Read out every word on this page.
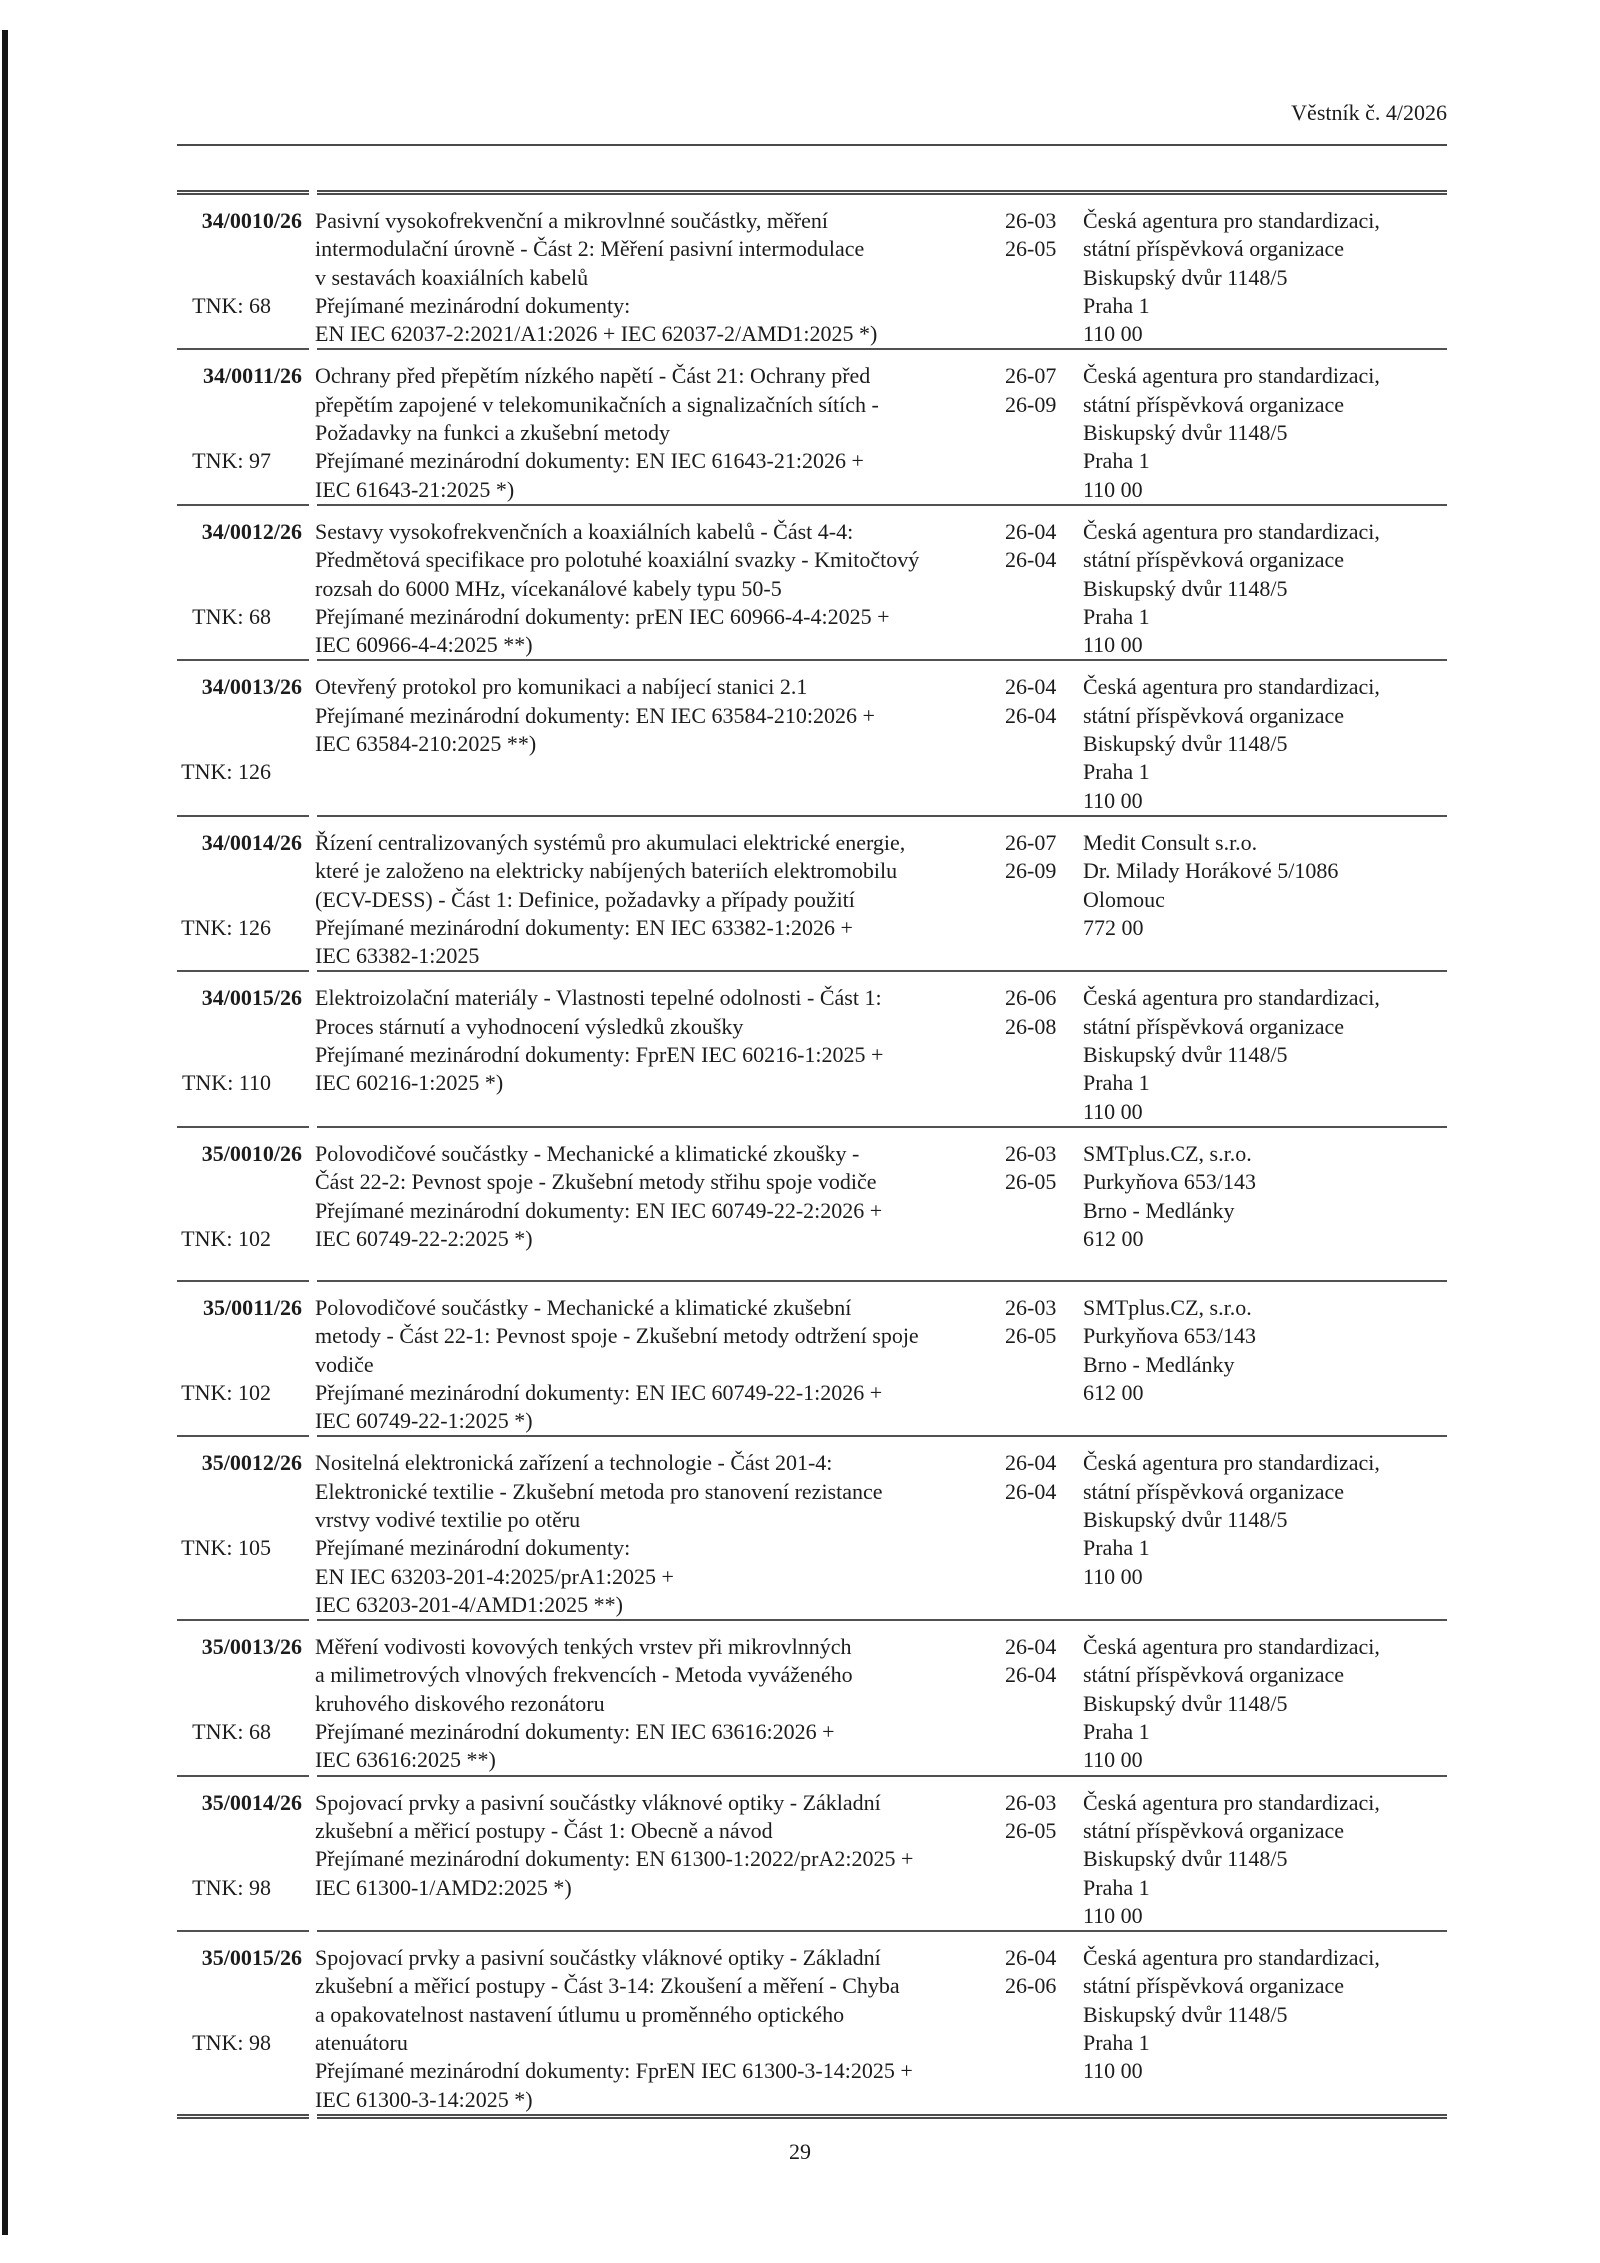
Věstník č. 4/2026
34/0010/26
TNK: 68
Pasivní vysokofrekvenční a mikrovlnné součástky, měření
intermodulační úrovně - Část 2: Měření pasivní intermodulace
v sestavách koaxiálních kabelů
Přejímané mezinárodní dokumenty:
EN IEC 62037-2:2021/A1:2026 + IEC 62037-2/AMD1:2025 *)
26-03
26-05
Česká agentura pro standardizaci,
státní příspěvková organizace
Biskupský dvůr 1148/5
Praha 1
110 00
34/0011/26
TNK: 97
Ochrany před přepětím nízkého napětí - Část 21: Ochrany před
přepětím zapojené v telekomunikačních a signalizačních sítích -
Požadavky na funkci a zkušební metody
Přejímané mezinárodní dokumenty: EN IEC 61643-21:2026 +
IEC 61643-21:2025 *)
26-07
26-09
Česká agentura pro standardizaci,
státní příspěvková organizace
Biskupský dvůr 1148/5
Praha 1
110 00
34/0012/26
TNK: 68
Sestavy vysokofrekvenčních a koaxiálních kabelů - Část 4-4:
Předmětová specifikace pro polotuhé koaxiální svazky - Kmitočtový
rozsah do 6000 MHz, vícekanálové kabely typu 50-5
Přejímané mezinárodní dokumenty: prEN IEC 60966-4-4:2025 +
IEC 60966-4-4:2025 **)
26-04
26-04
Česká agentura pro standardizaci,
státní příspěvková organizace
Biskupský dvůr 1148/5
Praha 1
110 00
34/0013/26
TNK: 126
Otevřený protokol pro komunikaci a nabíjecí stanici 2.1
Přejímané mezinárodní dokumenty: EN IEC 63584-210:2026 +
IEC 63584-210:2025 **)
26-04
26-04
Česká agentura pro standardizaci,
státní příspěvková organizace
Biskupský dvůr 1148/5
Praha 1
110 00
34/0014/26
TNK: 126
Řízení centralizovaných systémů pro akumulaci elektrické energie,
které je založeno na elektricky nabíjených bateriích elektromobilu
(ECV-DESS) - Část 1: Definice, požadavky a případy použití
Přejímané mezinárodní dokumenty: EN IEC 63382-1:2026 +
IEC 63382-1:2025
26-07
26-09
Medit Consult s.r.o.
Dr. Milady Horákové 5/1086
Olomouc
772 00
34/0015/26
TNK: 110
Elektroizolační materiály - Vlastnosti tepelné odolnosti - Část 1:
Proces stárnutí a vyhodnocení výsledků zkoušky
Přejímané mezinárodní dokumenty: FprEN IEC 60216-1:2025 +
IEC 60216-1:2025 *)
26-06
26-08
Česká agentura pro standardizaci,
státní příspěvková organizace
Biskupský dvůr 1148/5
Praha 1
110 00
35/0010/26
TNK: 102
Polovodičové součástky - Mechanické a klimatické zkoušky -
Část 22-2: Pevnost spoje - Zkušební metody střihu spoje vodiče
Přejímané mezinárodní dokumenty: EN IEC 60749-22-2:2026 +
IEC 60749-22-2:2025 *)
26-03
26-05
SMTplus.CZ, s.r.o.
Purkyňova 653/143
Brno - Medlánky
612 00
35/0011/26
TNK: 102
Polovodičové součástky - Mechanické a klimatické zkušební
metody - Část 22-1: Pevnost spoje - Zkušební metody odtržení spoje
vodiče
Přejímané mezinárodní dokumenty: EN IEC 60749-22-1:2026 +
IEC 60749-22-1:2025 *)
26-03
26-05
SMTplus.CZ, s.r.o.
Purkyňova 653/143
Brno - Medlánky
612 00
35/0012/26
TNK: 105
Nositelná elektronická zařízení a technologie - Část 201-4:
Elektronické textilie - Zkušební metoda pro stanovení rezistance
vrstvy vodivé textilie po otěru
Přejímané mezinárodní dokumenty:
EN IEC 63203-201-4:2025/prA1:2025 +
IEC 63203-201-4/AMD1:2025 **)
26-04
26-04
Česká agentura pro standardizaci,
státní příspěvková organizace
Biskupský dvůr 1148/5
Praha 1
110 00
35/0013/26
TNK: 68
Měření vodivosti kovových tenkých vrstev při mikrovlnných
a milimetrových vlnových frekvencích - Metoda vyváženého
kruhového diskového rezonátoru
Přejímané mezinárodní dokumenty: EN IEC 63616:2026 +
IEC 63616:2025 **)
26-04
26-04
Česká agentura pro standardizaci,
státní příspěvková organizace
Biskupský dvůr 1148/5
Praha 1
110 00
35/0014/26
TNK: 98
Spojovací prvky a pasivní součástky vláknové optiky - Základní
zkušební a měřicí postupy - Část 1: Obecně a návod
Přejímané mezinárodní dokumenty: EN 61300-1:2022/prA2:2025 +
IEC 61300-1/AMD2:2025 *)
26-03
26-05
Česká agentura pro standardizaci,
státní příspěvková organizace
Biskupský dvůr 1148/5
Praha 1
110 00
35/0015/26
TNK: 98
Spojovací prvky a pasivní součástky vláknové optiky - Základní
zkušební a měřicí postupy - Část 3-14: Zkoušení a měření - Chyba
a opakovatelnost nastavení útlumu u proměnného optického
atenuátoru
Přejímané mezinárodní dokumenty: FprEN IEC 61300-3-14:2025 +
IEC 61300-3-14:2025 *)
26-04
26-06
Česká agentura pro standardizaci,
státní příspěvková organizace
Biskupský dvůr 1148/5
Praha 1
110 00
29
